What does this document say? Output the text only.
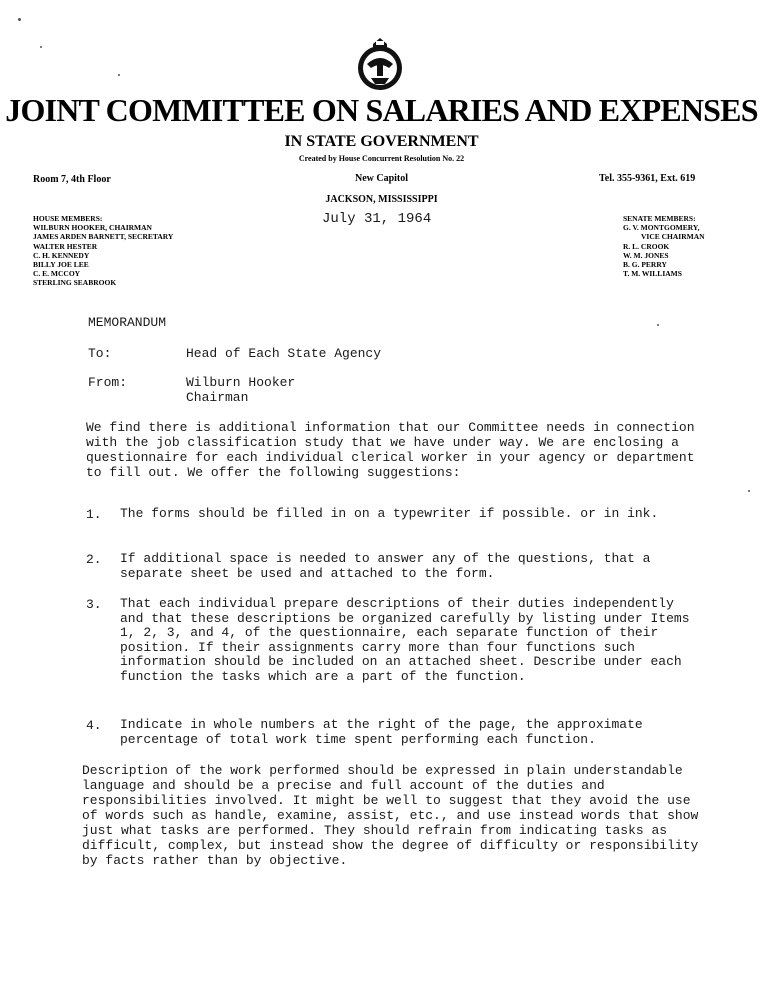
JOINT COMMITTEE ON SALARIES AND EXPENSES
IN STATE GOVERNMENT
Created by House Concurrent Resolution No. 22
Room 7, 4th Floor	New Capitol	Tel. 355-9361, Ext. 619
JACKSON, MISSISSIPPI
July 31, 1964
HOUSE MEMBERS:
WILBURN HOOKER, CHAIRMAN
JAMES ARDEN BARNETT, SECRETARY
WALTER HESTER
C. H. KENNEDY
BILLY JOE LEE
C. E. MCCOY
STERLING SEABROOK
SENATE MEMBERS:
G. V. MONTGOMERY,
VICE CHAIRMAN
R. L. CROOK
W. M. JONES
B. G. PERRY
T. M. WILLIAMS
MEMORANDUM
To:	Head of Each State Agency
From:	Wilburn Hooker
Chairman
We find there is additional information that our Committee needs in connection with the job classification study that we have under way. We are enclosing a questionnaire for each individual clerical worker in your agency or department to fill out. We offer the following suggestions:
1. The forms should be filled in on a typewriter if possible. or in ink.
2. If additional space is needed to answer any of the questions, that a separate sheet be used and attached to the form.
3. That each individual prepare descriptions of their duties independently and that these descriptions be organized carefully by listing under Items 1, 2, 3, and 4, of the questionnaire, each separate function of their position. If their assignments carry more than four functions such information should be included on an attached sheet. Describe under each function the tasks which are a part of the function.
4. Indicate in whole numbers at the right of the page, the approximate percentage of total work time spent performing each function.
Description of the work performed should be expressed in plain understandable language and should be a precise and full account of the duties and responsibilities involved. It might be well to suggest that they avoid the use of words such as handle, examine, assist, etc., and use instead words that show just what tasks are performed. They should refrain from indicating tasks as difficult, complex, but instead show the degree of difficulty or responsibility by facts rather than by objective.
